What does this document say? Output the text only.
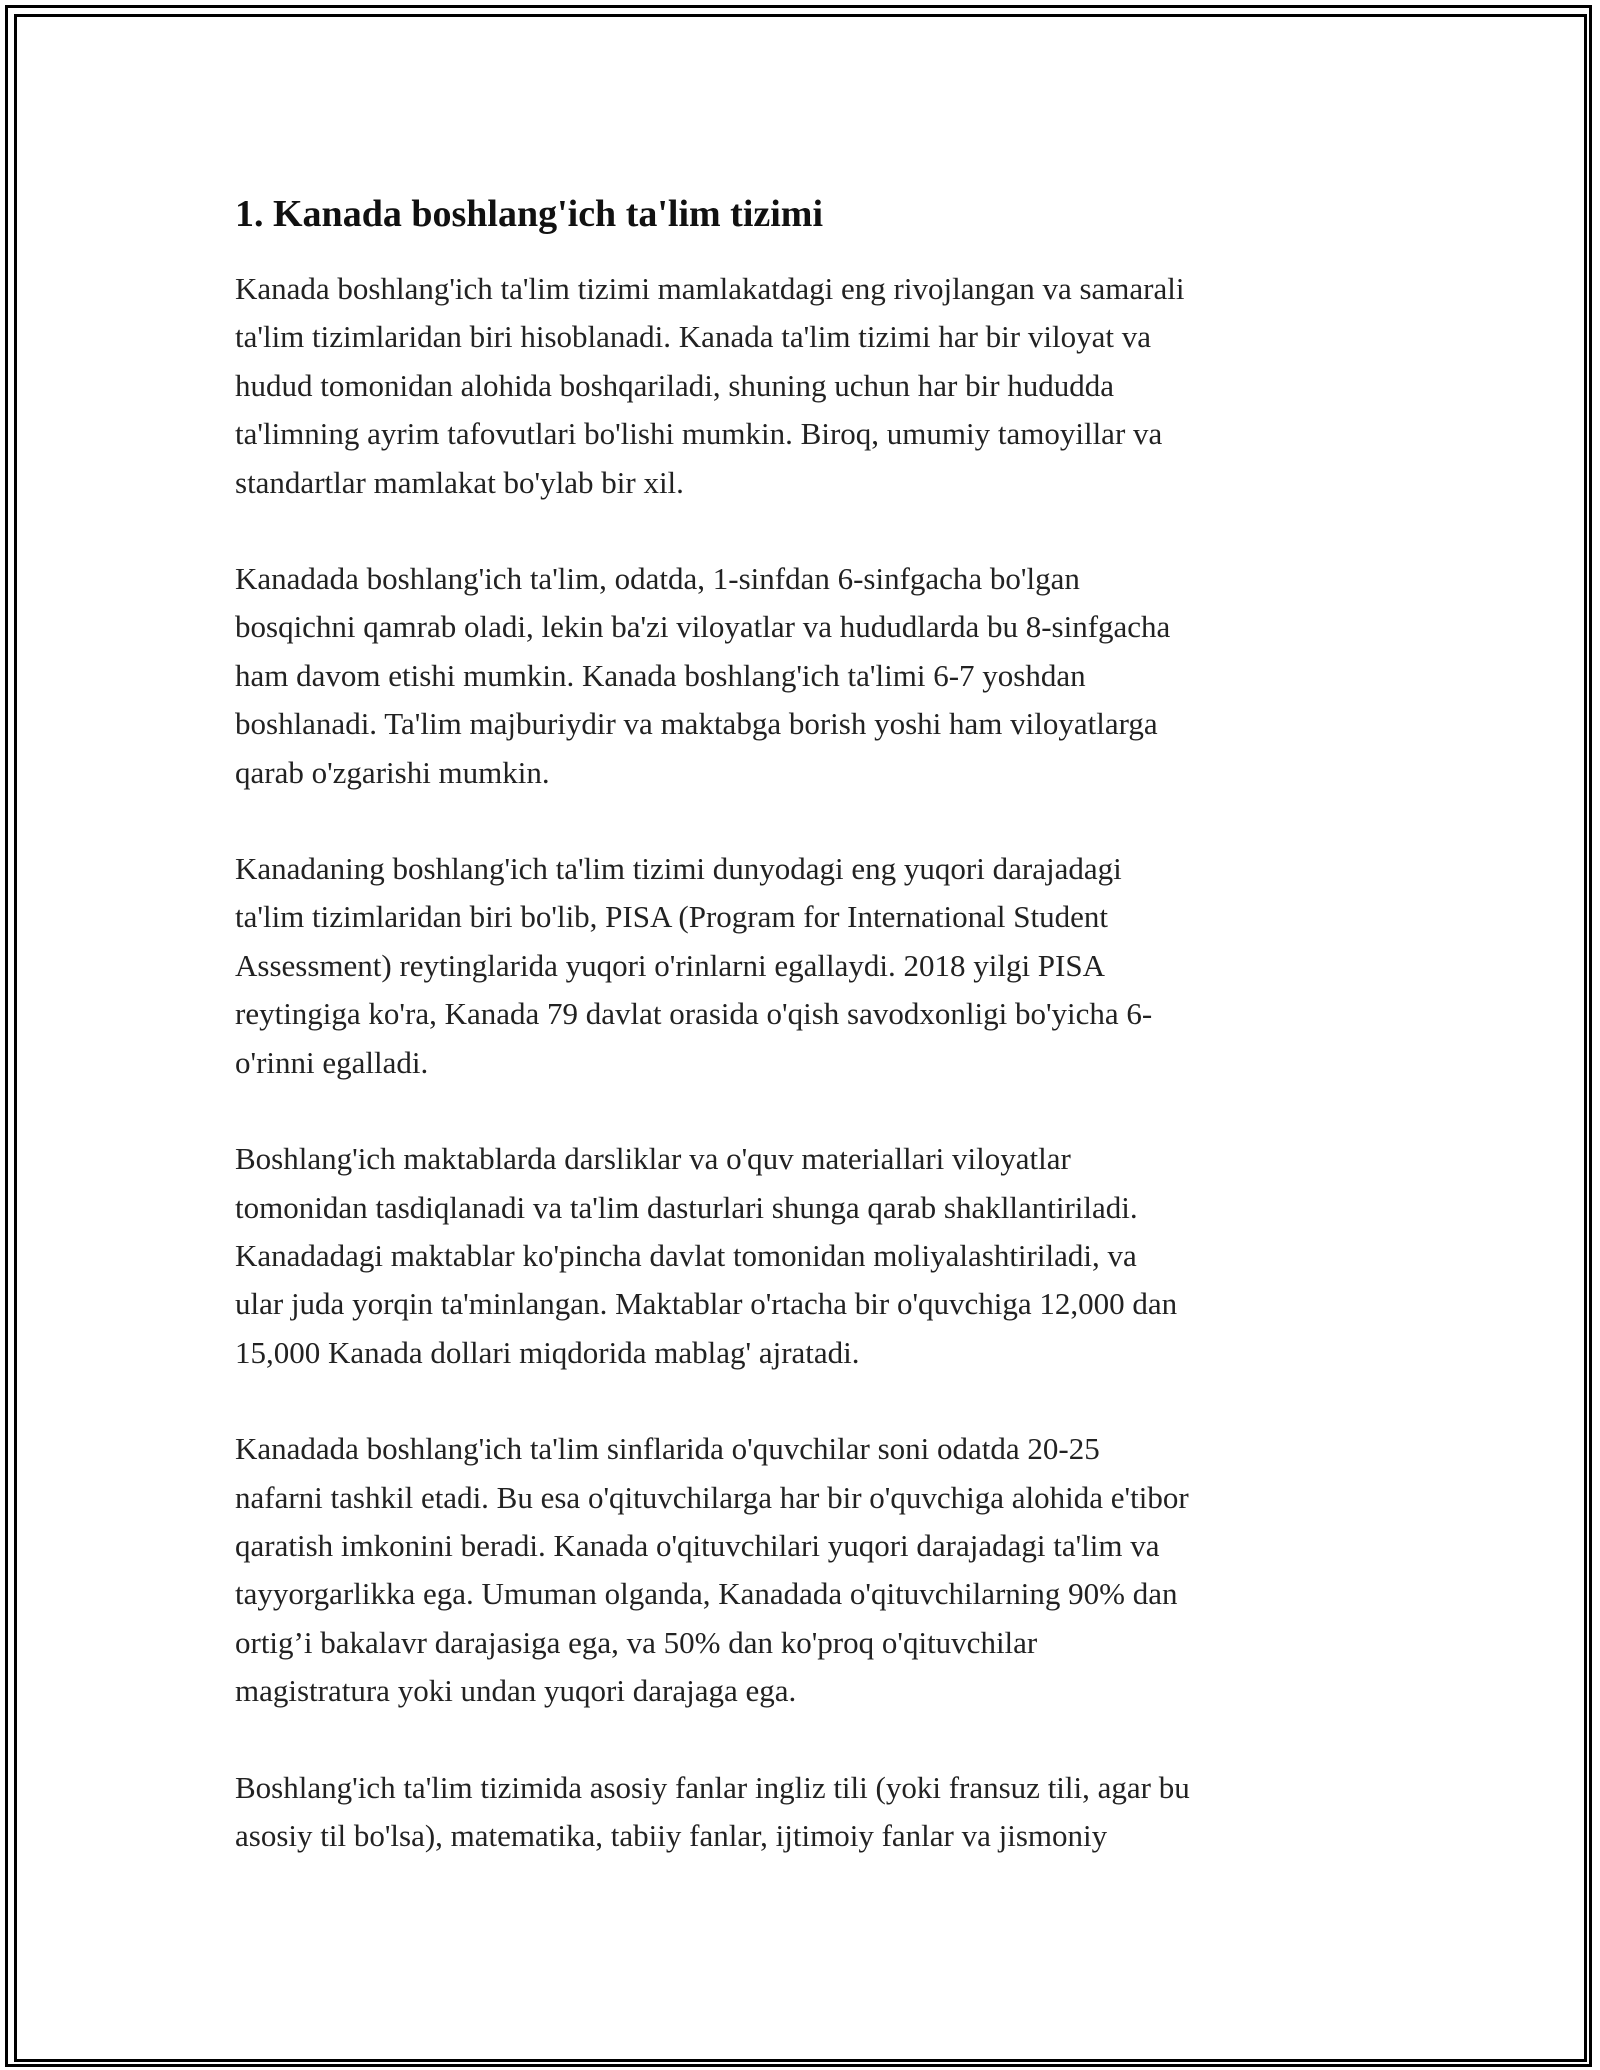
1. Kanada boshlang'ich ta'lim tizimi

Kanada boshlang'ich ta'lim tizimi mamlakatdagi eng rivojlangan va samarali
ta'lim tizimlaridan biri hisoblanadi. Kanada ta'lim tizimi har bir viloyat va
hudud tomonidan alohida boshqariladi, shuning uchun har bir hududda
ta'limning ayrim tafovutlari bo'lishi mumkin. Biroq, umumiy tamoyillar va
standartlar mamlakat bo'ylab bir xil.

Kanadada boshlang'ich ta'lim, odatda, 1-sinfdan 6-sinfgacha bo'lgan
bosqichni qamrab oladi, lekin ba'zi viloyatlar va hududlarda bu 8-sinfgacha
ham davom etishi mumkin. Kanada boshlang'ich ta'limi 6-7 yoshdan
boshlanadi. Ta'lim majburiydir va maktabga borish yoshi ham viloyatlarga
qarab o'zgarishi mumkin.

Kanadaning boshlang'ich ta'lim tizimi dunyodagi eng yuqori darajadagi
ta'lim tizimlaridan biri bo'lib, PISA (Program for International Student
Assessment) reytinglarida yuqori o'rinlarni egallaydi. 2018 yilgi PISA
reytingiga ko'ra, Kanada 79 davlat orasida o'qish savodxonligi bo'yicha 6-
o'rinni egalladi.

Boshlang'ich maktablarda darsliklar va o'quv materiallari viloyatlar
tomonidan tasdiqlanadi va ta'lim dasturlari shunga qarab shakllantiriladi.
Kanadadagi maktablar ko'pincha davlat tomonidan moliyalashtiriladi, va
ular juda yorqin ta'minlangan. Maktablar o'rtacha bir o'quvchiga 12,000 dan
15,000 Kanada dollari miqdorida mablag' ajratadi.

Kanadada boshlang'ich ta'lim sinflarida o'quvchilar soni odatda 20-25
nafarni tashkil etadi. Bu esa o'qituvchilarga har bir o'quvchiga alohida e'tibor
qaratish imkonini beradi. Kanada o'qituvchilari yuqori darajadagi ta'lim va
tayyorgarlikka ega. Umuman olganda, Kanadada o'qituvchilarning 90% dan
ortig’i bakalavr darajasiga ega, va 50% dan ko'proq o'qituvchilar
magistratura yoki undan yuqori darajaga ega.

Boshlang'ich ta'lim tizimida asosiy fanlar ingliz tili (yoki fransuz tili, agar bu
asosiy til bo'lsa), matematika, tabiiy fanlar, ijtimoiy fanlar va jismoniy
